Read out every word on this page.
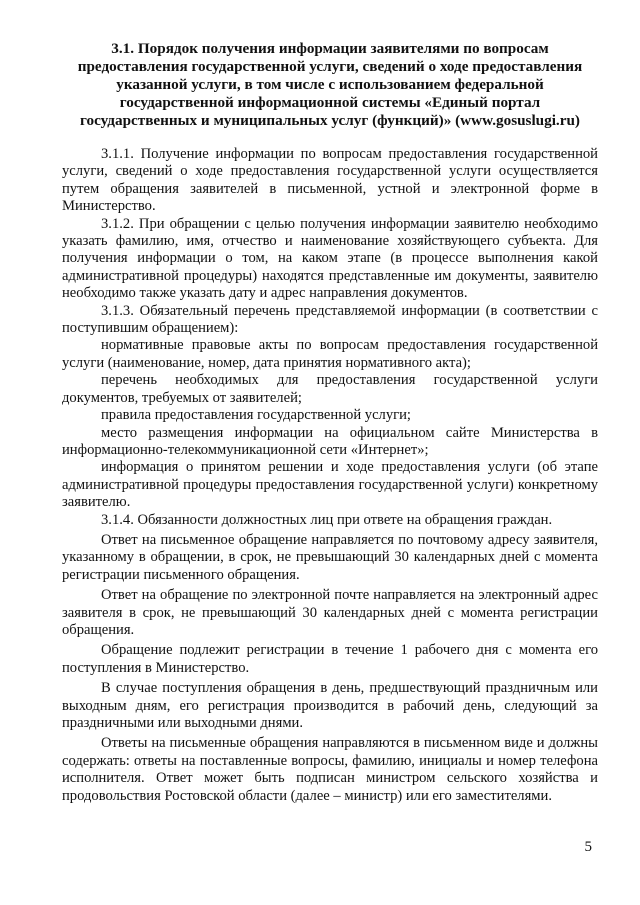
3.1. Порядок получения информации заявителями по вопросам предоставления государственной услуги, сведений о ходе предоставления указанной услуги, в том числе с использованием федеральной государственной информационной системы «Единый портал государственных и муниципальных услуг (функций)» (www.gosuslugi.ru)

3.1.1. Получение информации по вопросам предоставления государственной услуги, сведений о ходе предоставления государственной услуги осуществляется путем обращения заявителей в письменной, устной и электронной форме в Министерство.

3.1.2. При обращении с целью получения информации заявителю необходимо указать фамилию, имя, отчество и наименование хозяйствующего субъекта. Для получения информации о том, на каком этапе (в процессе выполнения какой административной процедуры) находятся представленные им документы, заявителю необходимо также указать дату и адрес направления документов.

3.1.3. Обязательный перечень представляемой информации (в соответствии с поступившим обращением):

нормативные правовые акты по вопросам предоставления государственной услуги (наименование, номер, дата принятия нормативного акта);

перечень необходимых для предоставления государственной услуги документов, требуемых от заявителей;

правила предоставления государственной услуги;

место размещения информации на официальном сайте Министерства в информационно-телекоммуникационной сети «Интернет»;

информация о принятом решении и ходе предоставления услуги (об этапе административной процедуры предоставления государственной услуги) конкретному заявителю.

3.1.4. Обязанности должностных лиц при ответе на обращения граждан.

Ответ на письменное обращение направляется по почтовому адресу заявителя, указанному в обращении, в срок, не превышающий 30 календарных дней с момента регистрации письменного обращения.

Ответ на обращение по электронной почте направляется на электронный адрес заявителя в срок, не превышающий 30 календарных дней с момента регистрации обращения.

Обращение подлежит регистрации в течение 1 рабочего дня с момента его поступления в Министерство.

В случае поступления обращения в день, предшествующий праздничным или выходным дням, его регистрация производится в рабочий день, следующий за праздничными или выходными днями.

Ответы на письменные обращения направляются в письменном виде и должны содержать: ответы на поставленные вопросы, фамилию, инициалы и номер телефона исполнителя. Ответ может быть подписан министром сельского хозяйства и продовольствия Ростовской области (далее – министр) или его заместителями.

5
